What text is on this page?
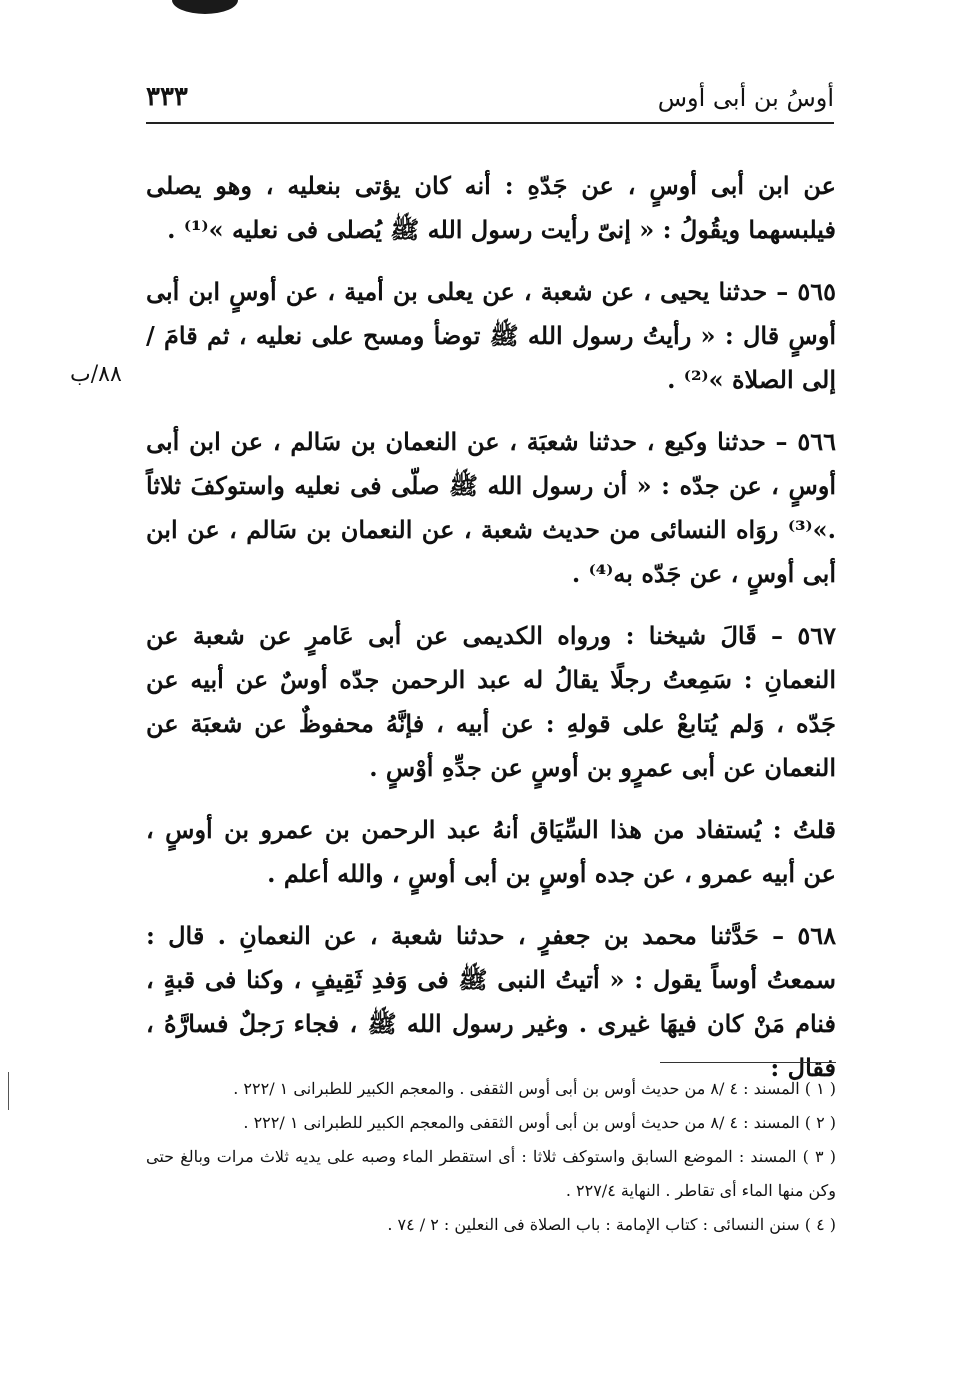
أوسُ بن أبى أوس
٣٣٣
٨٨/ب

عن ابن أبى أوسٍ ، عن جَدّهِ : أنه كان يؤتى بنعليه ، وهو يصلى فيلبسهما ويقُولُ : « إنىّ رأيت رسول الله ﷺ يُصلى فى نعليه »⁽¹⁾ .

٥٦٥ – حدثنا يحيى ، عن شعبة ، عن يعلى بن أمية ، عن أوسٍ ابن أبى أوسٍ قال : « رأيتُ رسول الله ﷺ توضأ ومسح على نعليه ، ثم قامَ / إلى الصلاة »⁽²⁾ .

٥٦٦ – حدثنا وكيع ، حدثنا شعبَة ، عن النعمان بن سَالم ، عن ابن أبى أوسٍ ، عن جدّه : « أن رسول الله ﷺ صلّى فى نعليه واستوكفَ ثلاثاً .»⁽³⁾ روَاه النسائى من حديث شعبة ، عن النعمان بن سَالم ، عن ابن أبى أوسٍ ، عن جَدّه به⁽⁴⁾ .

٥٦٧ – قَالَ شيخنا : ورواه الكديمى عن أبى عَامرٍ عن شعبة عن النعمانِ : سَمِعتُ رجلًا يقالُ له عبد الرحمن جدّه أوسٌ عن أبيه عن جَدّه ، وَلم يُتابعْ على قولهِ : عن أبيه ، فإنَّهُ محفوظٌ عن شعبَة عن النعمان عن أبى عمرٍو بن أوسٍ عن جدِّهِ أوْسٍ .

قلتُ : يُستفاد من هذا السِّيَاق أنهُ عبد الرحمن بن عمرو بن أوسٍ ، عن أبيه عمرو ، عن جده أوسٍ بن أبى أوسٍ ، والله أعلم .

٥٦٨ – حَدَّثنا محمد بن جعفرٍ ، حدثنا شعبة ، عن النعمانِ . قال : سمعتُ أوساً يقول : « أتيتُ النبى ﷺ فى وَفدِ ثَقِيفٍ ، وكنا فى قبةٍ ، فنام مَنْ كان فيهَا غيرى . وغير رسول الله ﷺ ، فجاء رَجلٌ فسارَّهُ ، فقال :

( ١ ) المسند : ٤ /٨ من حديث أوس بن أبى أوس الثقفى . والمعجم الكبير للطبرانى ١ /٢٢٢ .

( ٢ ) المسند : ٤ /٨ من حديث أوس بن أبى أوس الثقفى والمعجم الكبير للطبرانى ١ /٢٢٢ .

( ٣ ) المسند : الموضع السابق واستوكف ثلاثا : أى استقطر الماء وصبه على يديه ثلاث مرات وبالغ حتى وكن منها الماء أى تقاطر . النهاية ٢٢٧/٤ .

( ٤ ) سنن النسائى : كتاب الإمامة : باب الصلاة فى النعلين : ٢ / ٧٤ .
